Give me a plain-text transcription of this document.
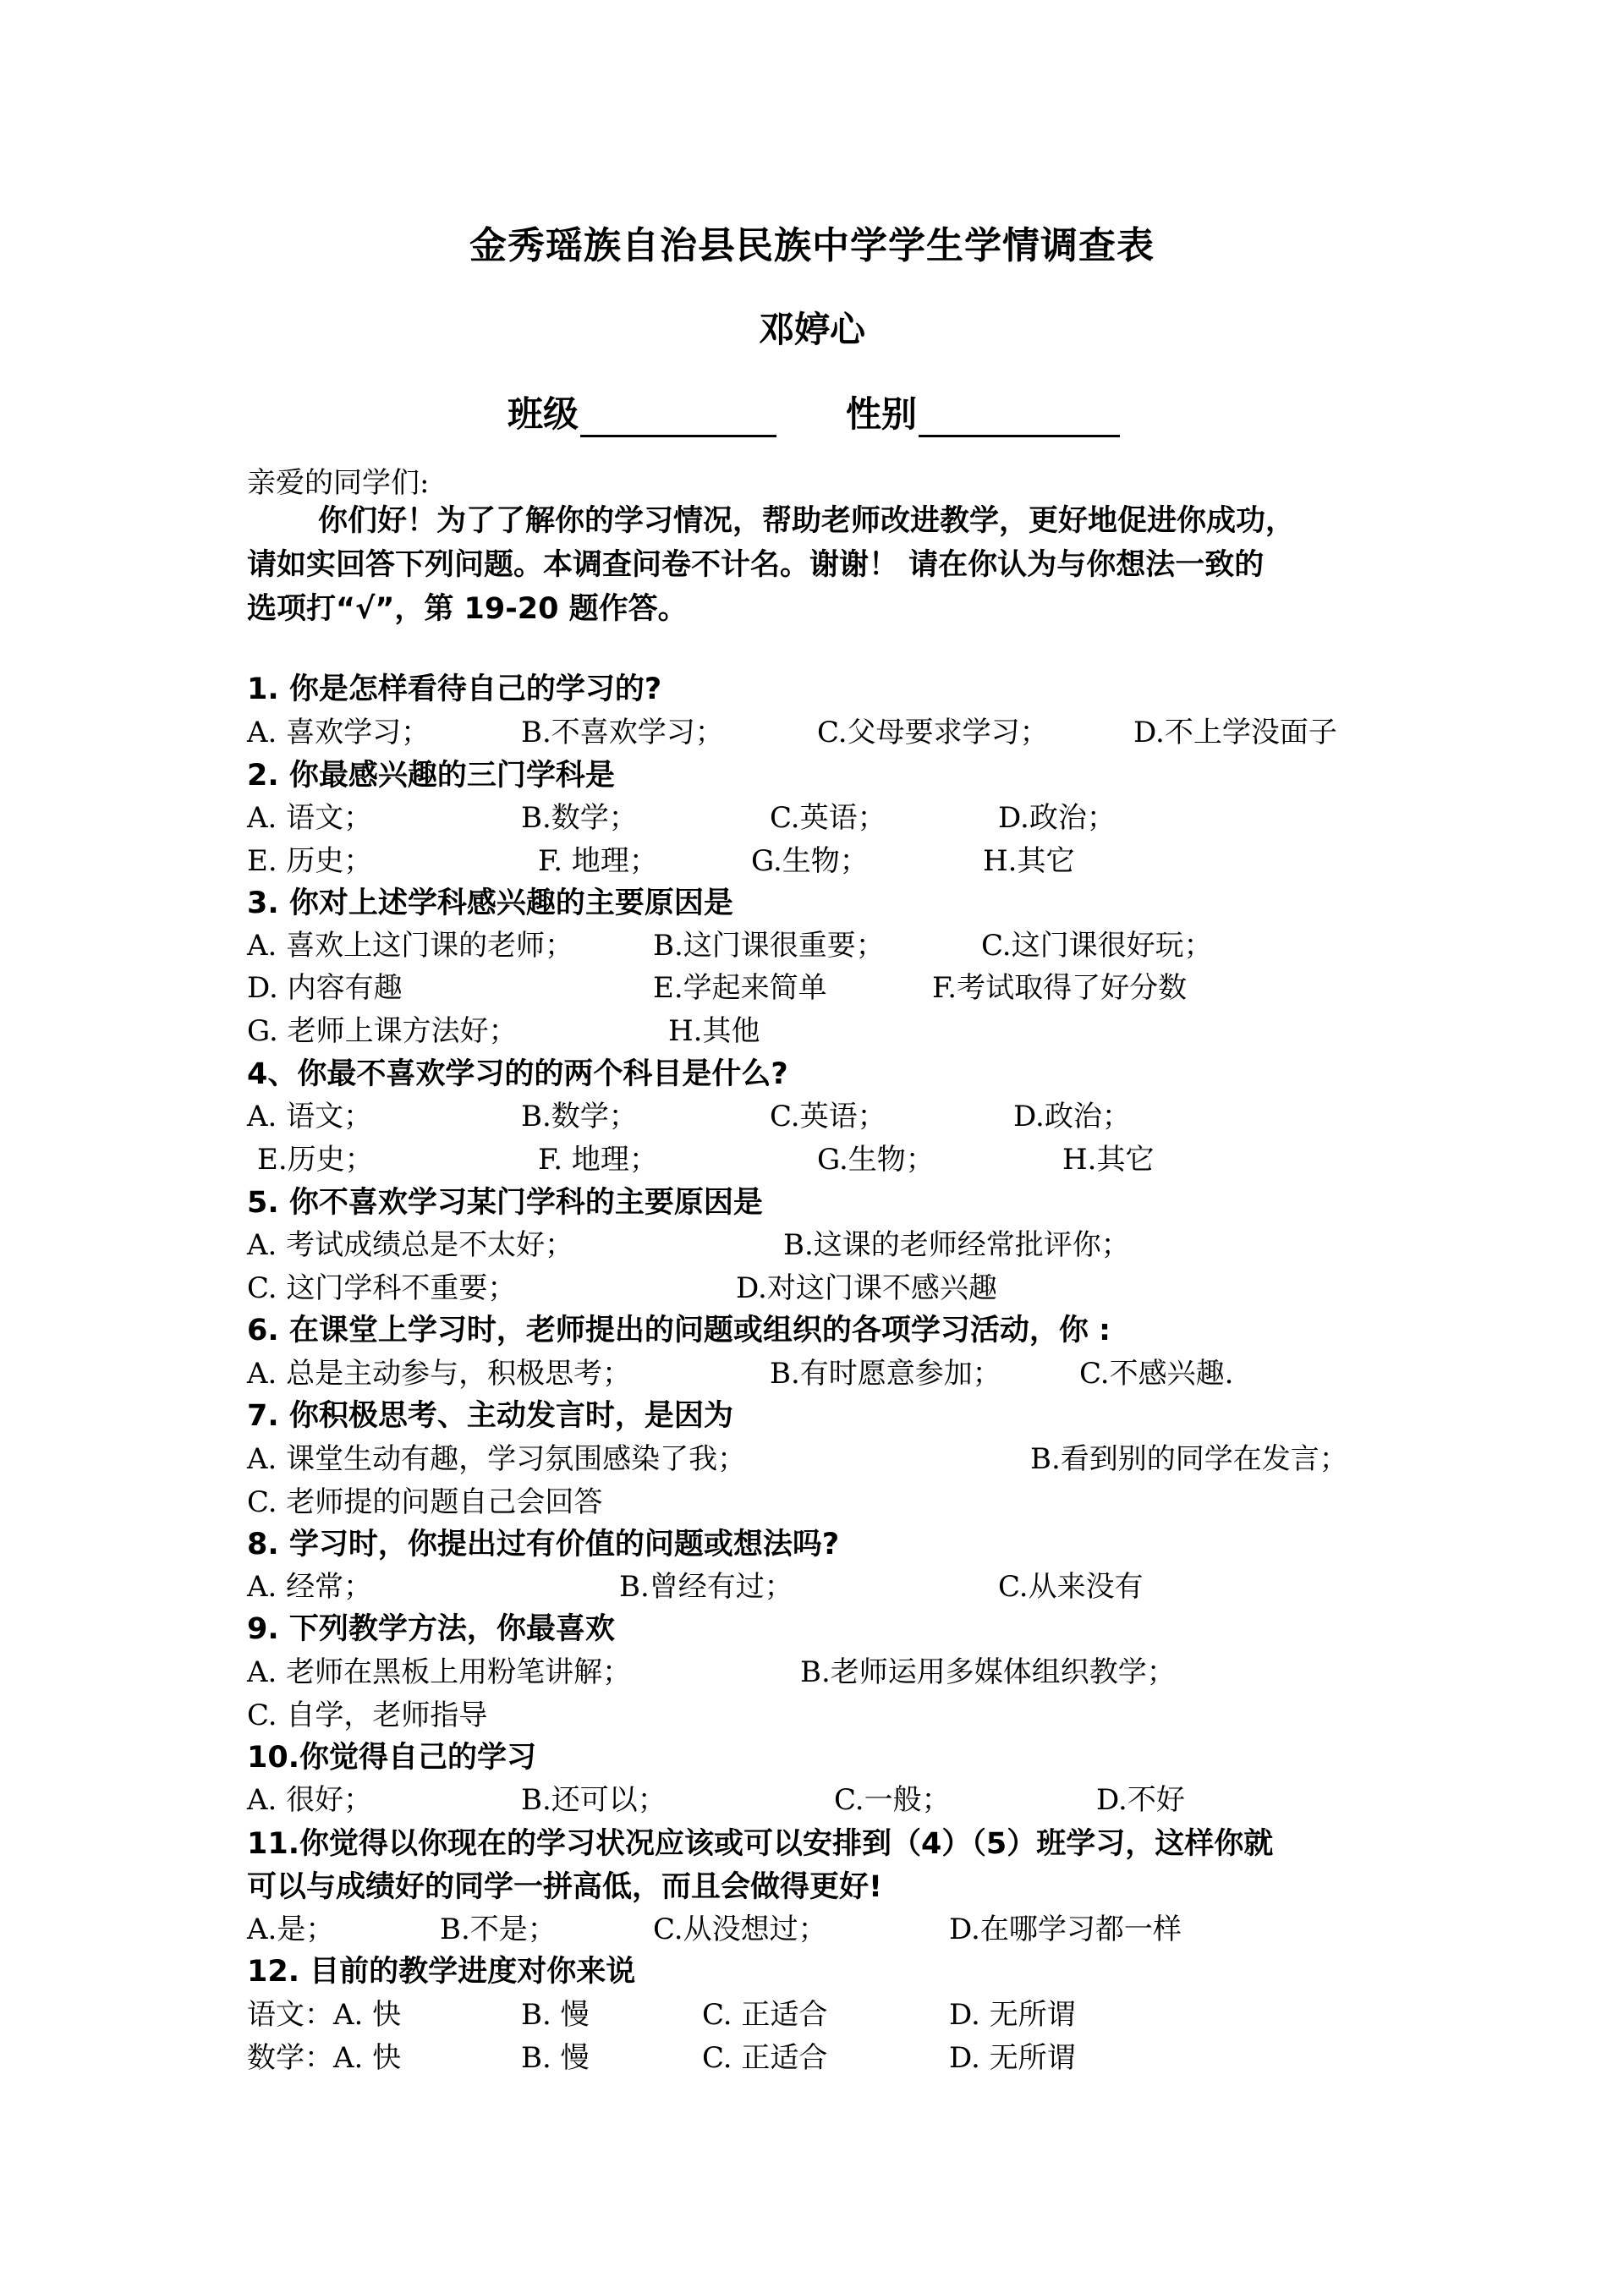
金秀瑶族自治县民族中学学生学情调查表
邓婷心
班级	性别
亲爱的同学们:
你们好！为了了解你的学习情况，帮助老师改进教学，更好地促进你成功，
请如实回答下列问题。本调查问卷不计名。谢谢！ 请在你认为与你想法一致的
选项打“√”，第 19-20 题作答。
1. 你是怎样看待自己的学习的?
A. 喜欢学习；	B.不喜欢学习；	C.父母要求学习；	D.不上学没面子
2. 你最感兴趣的三门学科是
A. 语文；	B.数学；	C.英语；	D.政治；
E. 历史；	F. 地理；	G.生物；	H.其它
3. 你对上述学科感兴趣的主要原因是
A. 喜欢上这门课的老师；	B.这门课很重要；	C.这门课很好玩；
D. 内容有趣	E.学起来简单	F.考试取得了好分数
G. 老师上课方法好；	H.其他
4、你最不喜欢学习的的两个科目是什么?
A. 语文；	B.数学；	C.英语；	D.政治；
E.历史；	F. 地理；	G.生物；	H.其它
5. 你不喜欢学习某门学科的主要原因是
A. 考试成绩总是不太好；	B.这课的老师经常批评你；
C. 这门学科不重要；	D.对这门课不感兴趣
6. 在课堂上学习时，老师提出的问题或组织的各项学习活动，你 :
A. 总是主动参与，积极思考；	B.有时愿意参加；	C.不感兴趣.
7. 你积极思考、主动发言时，是因为
A. 课堂生动有趣，学习氛围感染了我；	B.看到别的同学在发言；
C. 老师提的问题自己会回答
8. 学习时，你提出过有价值的问题或想法吗?
A. 经常；	B.曾经有过；	C.从来没有
9. 下列教学方法，你最喜欢
A. 老师在黑板上用粉笔讲解；	B.老师运用多媒体组织教学；
C. 自学，老师指导
10.你觉得自己的学习
A. 很好；	B.还可以；	C.一般；	D.不好
11.你觉得以你现在的学习状况应该或可以安排到（4）（5）班学习，这样你就
可以与成绩好的同学一拼高低，而且会做得更好!
A.是；	B.不是；	C.从没想过；	D.在哪学习都一样
12. 目前的教学进度对你来说
语文：A. 快	B. 慢	C. 正适合	D. 无所谓
数学：A. 快	B. 慢	C. 正适合	D. 无所谓
